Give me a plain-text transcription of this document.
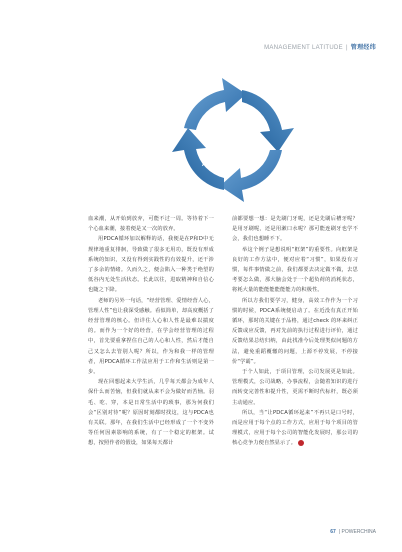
MANAGEMENT LATITUDE | 管理经纬
P
D
C
A

血来潮，从开始到放弃，可能不过一周。等待着下一个心血来潮，接着便是又一次的放弃。

用PDCA循环加以解释的话，我便是在P和D中无规律地重复徘徊，导致做了很多无用功，既没有形成系统的知识，又没有得到实践性的有效提升，还干涉了多余的情绪。久而久之，便会陷入一种类于绝望的低谷内无处生活状态。长此以往，进取精神和自信心也随之下降。

老师的另外一句话，“经营管理、爱情经营人心，管理人性”也让我深受感触。看似简单，却高度概括了经营管理的核心。但详住人心和人性是最难以揣度的。而作为一个好的经营，在学会经营管理的过程中，首先要重拿捏住自己的人心和人性，然后才能自己又怎么去管别人呢？所以，作为和我一样的管理者，用PDCA循环工作法应用于工作和生活则是第一步。

现在回想起来大学生活，几乎每天都会为成年人保什么而苦恼，但我们就从来不会为做好而苦恼。羽毛、吃、穿，本是日常生活中的琐事，那为何我们会“区别对待”呢？原因时刻都时找这，这与PDCA也有关联。那年，在我们生活中已经形成了一个不变外等任何因素影响的系统，有了一个稳定的框架。试想，按照作者的假设，如果每天都计

前都要想一想：是先刷门牙呢，还是先刷后槽牙呢？是用牙刷呢，还是用漱口水呢？那可能连刷牙也学不会，我们也想睡不下。

举这个例子是想说明“框架”的重要性。向框架是良好的工作方法中，便对应着“习惯”，如果没有习惯，每件事情做之前，我们都要去决定做不做，去思考要怎么做，那大脑会处于一个超负荷的消耗状态，将耗大量的能能能能能能力的积极性。

所以方我们要学习，健身，高效工作作为一个习惯的时候，PDCA系统便启动了。在近没有真正开始循环，那时的关键在于品格，通过check 的环来纠正反馈或应反馈，再对先前的执行过程进行评价，通过反馈结果总结归纳，由此找准今后处理类似问题的方法，避免重蹈覆辙的问题，上源不停发展，不停接价“学霸”。

于个人如此，于项目管理，公司发展更是如此。管理模式，公司战略，办事流程，会随着知识的进行而转变完善性和提升性，更需不断时代标杆，既必须主动通应。

所以，当“让PDCA循环起来”不再只是口号时，而是应用于每个点的工作方式，应用于每个项目的管理模式，应用于每个公司的智能化发展时，那公司的核心竞争力便自然显示了。

67 | POWERCHINA
